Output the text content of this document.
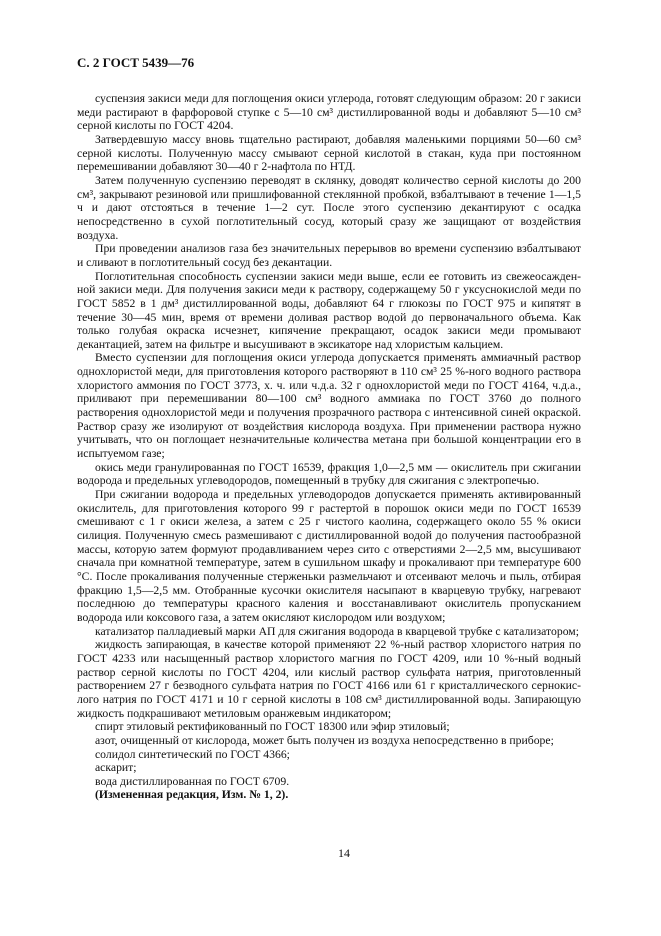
С. 2 ГОСТ 5439—76

суспензия закиси меди для поглощения окиси углерода, готовят следующим образом: 20 г закиси меди растирают в фарфоровой ступке с 5—10 см³ дистиллированной воды и добавляют 5—10 см³ серной кислоты по ГОСТ 4204.

Затвердевшую массу вновь тщательно растирают, добавляя маленькими порциями 50—60 см³ серной кислоты. Полученную массу смывают серной кислотой в стакан, куда при постоянном перемешивании добавляют 30—40 г 2-нафтола по НТД.

Затем полученную суспензию переводят в склянку, доводят количество серной кислоты до 200 см³, закрывают резиновой или пришлифованной стеклянной пробкой, взбалтывают в течение 1—1,5 ч и дают отстояться в течение 1—2 сут. После этого суспензию декантируют с осадка непосредственно в сухой поглотительный сосуд, который сразу же защищают от воздействия воздуха.

При проведении анализов газа без значительных перерывов во времени суспензию взбалтывают и сливают в поглотительный сосуд без декантации.

Поглотительная способность суспензии закиси меди выше, если ее готовить из свежеосажденной закиси меди. Для получения закиси меди к раствору, содержащему 50 г уксуснокислой меди по ГОСТ 5852 в 1 дм³ дистиллированной воды, добавляют 64 г глюкозы по ГОСТ 975 и кипятят в течение 30—45 мин, время от времени доливая раствор водой до первоначального объема. Как только голубая окраска исчезнет, кипячение прекращают, осадок закиси меди промывают декантацией, затем на фильтре и высушивают в эксикаторе над хлористым кальцием.

Вместо суспензии для поглощения окиси углерода допускается применять аммиачный раствор однохлористой меди, для приготовления которого растворяют в 110 см³ 25 %-ного водного раствора хлористого аммония по ГОСТ 3773, х. ч. или ч.д.а. 32 г однохлористой меди по ГОСТ 4164, ч.д.а., приливают при перемешивании 80—100 см³ водного аммиака по ГОСТ 3760 до полного растворения однохлористой меди и получения прозрачного раствора с интенсивной синей окраской. Раствор сразу же изолируют от воздействия кислорода воздуха. При применении раствора нужно учитывать, что он поглощает незначительные количества метана при большой концентрации его в испытуемом газе;

окись меди гранулированная по ГОСТ 16539, фракция 1,0—2,5 мм — окислитель при сжигании водорода и предельных углеводородов, помещенный в трубку для сжигания с электропечью.

При сжигании водорода и предельных углеводородов допускается применять активированный окислитель, для приготовления которого 99 г растертой в порошок окиси меди по ГОСТ 16539 смешивают с 1 г окиси железа, а затем с 25 г чистого каолина, содержащего около 55 % окиси силиция. Полученную смесь размешивают с дистиллированной водой до получения пастообразной массы, которую затем формуют продавливанием через сито с отверстиями 2—2,5 мм, высушивают сначала при комнатной температуре, затем в сушильном шкафу и прокаливают при температуре 600 °С. После прокаливания полученные стерженьки размельчают и отсеивают мелочь и пыль, отбирая фракцию 1,5—2,5 мм. Отобранные кусочки окислителя насыпают в кварцевую трубку, нагревают последнюю до температуры красного каления и восстанавливают окислитель пропусканием водорода или коксового газа, а затем окисляют кислородом или воздухом;

катализатор палладиевый марки АП для сжигания водорода в кварцевой трубке с катализатором;

жидкость запирающая, в качестве которой применяют 22 %-ный раствор хлористого натрия по ГОСТ 4233 или насыщенный раствор хлористого магния по ГОСТ 4209, или 10 %-ный водный раствор серной кислоты по ГОСТ 4204, или кислый раствор сульфата натрия, приготовленный растворением 27 г безводного сульфата натрия по ГОСТ 4166 или 61 г кристаллического сернокислого натрия по ГОСТ 4171 и 10 г серной кислоты в 108 см³ дистиллированной воды. Запирающую жидкость подкрашивают метиловым оранжевым индикатором;

спирт этиловый ректификованный по ГОСТ 18300 или эфир этиловый;

азот, очищенный от кислорода, может быть получен из воздуха непосредственно в приборе;

солидол синтетический по ГОСТ 4366;

аскарит;

вода дистиллированная по ГОСТ 6709.

(Измененная редакция, Изм. № 1, 2).

14
